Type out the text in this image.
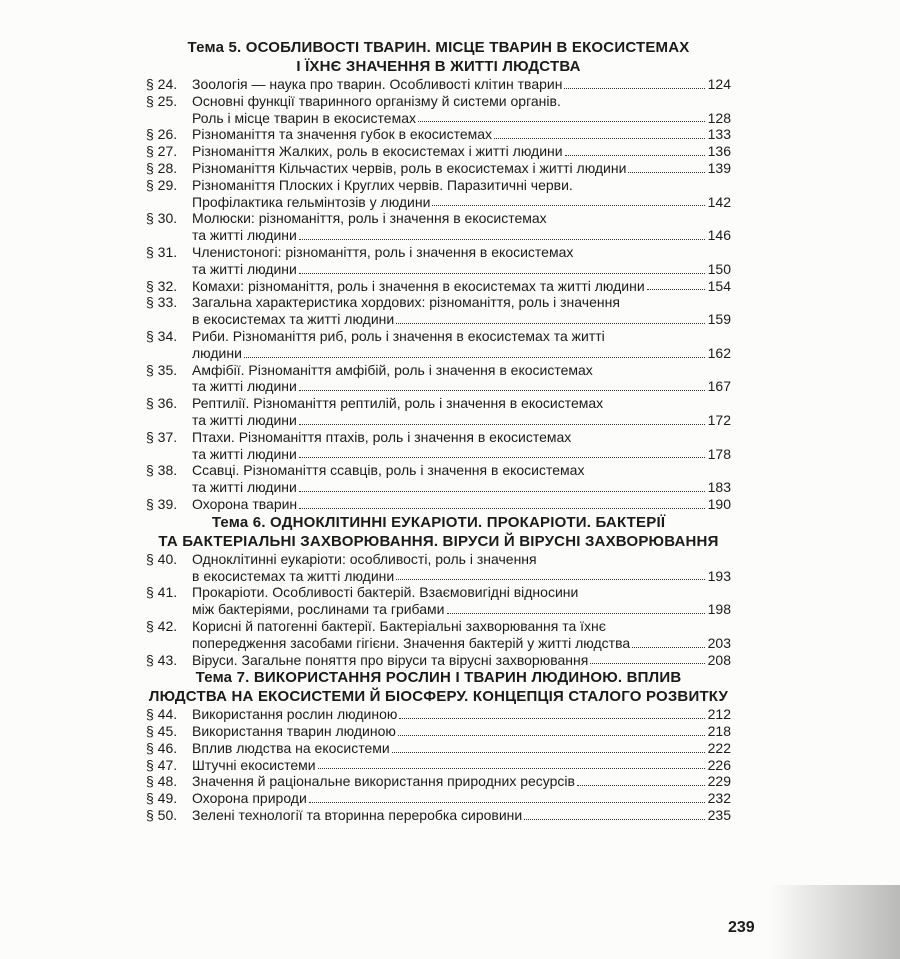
Тема 5. ОСОБЛИВОСТІ ТВАРИН. МІСЦЕ ТВАРИН В ЕКОСИСТЕМАХ
І ЇХНЄ ЗНАЧЕННЯ В ЖИТТІ ЛЮДСТВА
§ 24.	Зоологія — наука про тварин. Особливості клітин тварин	124
§ 25.	Основні функції тваринного організму й системи органів.
Роль і місце тварин в екосистемах	128
§ 26.	Різноманіття та значення губок в екосистемах	133
§ 27.	Різноманіття Жалких, роль в екосистемах і житті людини	136
§ 28.	Різноманіття Кільчастих червів, роль в екосистемах і житті людини	139
§ 29.	Різноманіття Плоских і Круглих червів. Паразитичні черви.
Профілактика гельмінтозів у людини	142
§ 30.	Молюски: різноманіття, роль і значення в екосистемах
та житті людини	146
§ 31.	Членистоногі: різноманіття, роль і значення в екосистемах
та житті людини	150
§ 32.	Комахи: різноманіття, роль і значення в екосистемах та житті людини	154
§ 33.	Загальна характеристика хордових: різноманіття, роль і значення
в екосистемах та житті людини	159
§ 34.	Риби. Різноманіття риб, роль і значення в екосистемах та житті
людини	162
§ 35.	Амфібії. Різноманіття амфібій, роль і значення в екосистемах
та житті людини	167
§ 36.	Рептилії. Різноманіття рептилій, роль і значення в екосистемах
та житті людини	172
§ 37.	Птахи. Різноманіття птахів, роль і значення в екосистемах
та житті людини	178
§ 38.	Ссавці. Різноманіття ссавців, роль і значення в екосистемах
та житті людини	183
§ 39.	Охорона тварин	190
Тема 6. ОДНОКЛІТИННІ ЕУКАРІОТИ. ПРОКАРІОТИ. БАКТЕРІЇ
ТА БАКТЕРІАЛЬНІ ЗАХВОРЮВАННЯ. ВІРУСИ Й ВІРУСНІ ЗАХВОРЮВАННЯ
§ 40.	Одноклітинні еукаріоти: особливості, роль і значення
в екосистемах та житті людини	193
§ 41.	Прокаріоти. Особливості бактерій. Взаємовигідні відносини
між бактеріями, рослинами та грибами	198
§ 42.	Корисні й патогенні бактерії. Бактеріальні захворювання та їхнє
попередження засобами гігієни. Значення бактерій у житті людства	203
§ 43.	Віруси. Загальне поняття про віруси та вірусні захворювання	208
Тема 7. ВИКОРИСТАННЯ РОСЛИН І ТВАРИН ЛЮДИНОЮ. ВПЛИВ
ЛЮДСТВА НА ЕКОСИСТЕМИ Й БІОСФЕРУ. КОНЦЕПЦІЯ СТАЛОГО РОЗВИТКУ
§ 44.	Використання рослин людиною	212
§ 45.	Використання тварин людиною	218
§ 46.	Вплив людства на екосистеми	222
§ 47.	Штучні екосистеми	226
§ 48.	Значення й раціональне використання природних ресурсів	229
§ 49.	Охорона природи	232
§ 50.	Зелені технології та вторинна переробка сировини	235
239
